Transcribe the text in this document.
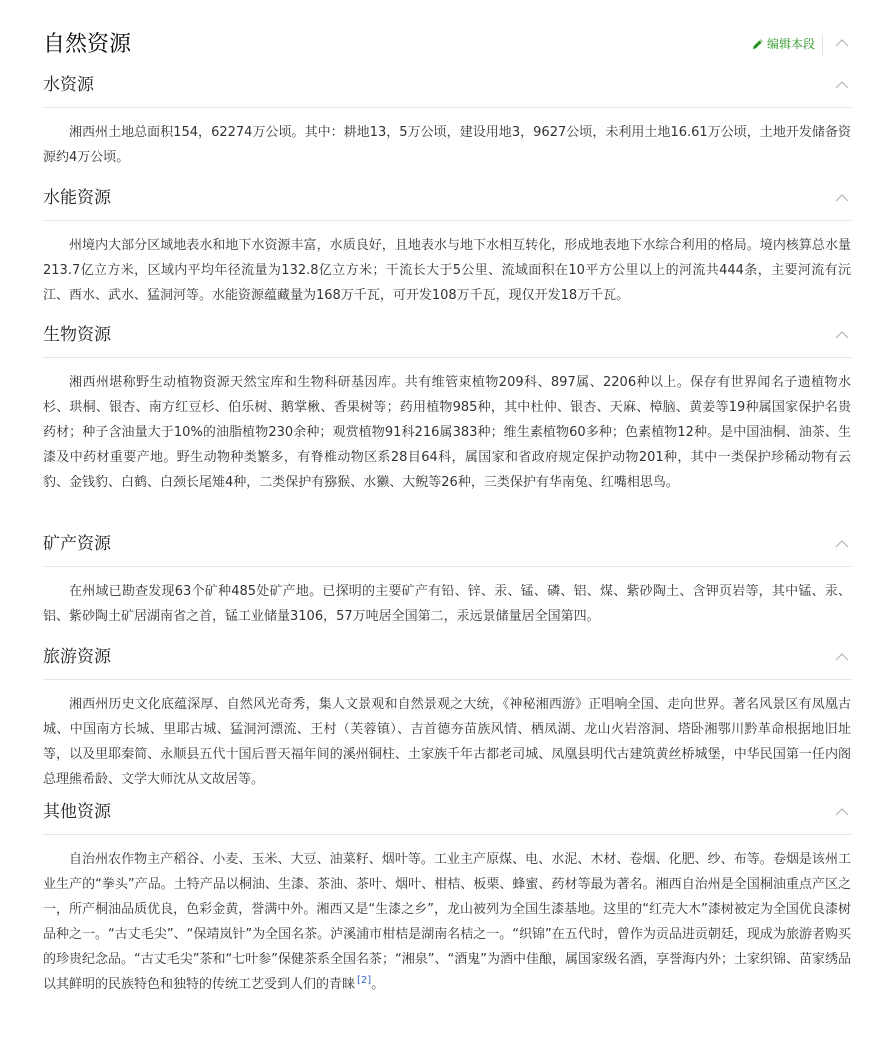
自然资源	编辑本段
水资源

湘西州土地总面积154，62274万公顷。其中：耕地13，5万公顷，建设用地3，9627公顷，未利用土地16.61万公顷，土地开发储备资源约4万公顷。

水能资源

州境内大部分区域地表水和地下水资源丰富，水质良好，且地表水与地下水相互转化，形成地表地下水综合利用的格局。境内核算总水量213.7亿立方米，区域内平均年径流量为132.8亿立方米；干流长大于5公里、流域面积在10平方公里以上的河流共444条，主要河流有沅江、酉水、武水、猛洞河等。水能资源蕴藏量为168万千瓦，可开发108万千瓦，现仅开发18万千瓦。

生物资源

湘西州堪称野生动植物资源天然宝库和生物科研基因库。共有维管束植物209科、897属、2206种以上。保存有世界闻名子遗植物水杉、珙桐、银杏、南方红豆杉、伯乐树、鹅掌楸、香果树等；药用植物985种，其中杜仲、银杏、天麻、樟脑、黄姜等19种属国家保护名贵药材；种子含油量大于10%的油脂植物230余种；观赏植物91科216属383种；维生素植物60多种；色素植物12种。是中国油桐、油茶、生漆及中药材重要产地。野生动物种类繁多，有脊椎动物区系28目64科，属国家和省政府规定保护动物201种，其中一类保护珍稀动物有云豹、金钱豹、白鹤、白颈长尾雉4种，二类保护有猕猴、水獭、大鲵等26种，三类保护有华南兔、红嘴相思鸟。

矿产资源

在州域已勘查发现63个矿种485处矿产地。已探明的主要矿产有铅、锌、汞、锰、磷、铝、煤、紫砂陶土、含钾页岩等，其中锰、汞、铝、紫砂陶土矿居湖南省之首，锰工业储量3106，57万吨居全国第二，汞远景储量居全国第四。

旅游资源

湘西州历史文化底蕴深厚、自然风光奇秀，集人文景观和自然景观之大统，《神秘湘西游》正唱响全国、走向世界。著名风景区有凤凰古城、中国南方长城、里耶古城、猛洞河漂流、王村（芙蓉镇）、吉首德夯苗族风情、栖凤湖、龙山火岩溶洞、塔卧湘鄂川黔革命根据地旧址等，以及里耶秦简、永顺县五代十国后晋天福年间的溪州铜柱、土家族千年古都老司城、凤凰县明代古建筑黄丝桥城堡，中华民国第一任内阁总理熊希龄、文学大师沈从文故居等。

其他资源

自治州农作物主产稻谷、小麦、玉米、大豆、油菜籽、烟叶等。工业主产原煤、电、水泥、木材、卷烟、化肥、纱、布等。卷烟是该州工业生产的“拳头”产品。土特产品以桐油、生漆、茶油、茶叶、烟叶、柑桔、板栗、蜂蜜、药材等最为著名。湘西自治州是全国桐油重点产区之一，所产桐油品质优良，色彩金黄，誉满中外。湘西又是“生漆之乡”，龙山被列为全国生漆基地。这里的“红壳大木”漆树被定为全国优良漆树品种之一。“古丈毛尖”、“保靖岚针”为全国名茶。泸溪浦市柑桔是湖南名桔之一。“织锦”在五代时，曾作为贡品进贡朝廷，现成为旅游者购买的珍贵纪念品。“古丈毛尖”茶和“七叶参”保健茶系全国名茶；“湘泉”、“酒鬼”为酒中佳酿，属国家级名酒，享誉海内外；土家织锦、苗家绣品以其鲜明的民族特色和独特的传统工艺受到人们的青睐 [2]。
